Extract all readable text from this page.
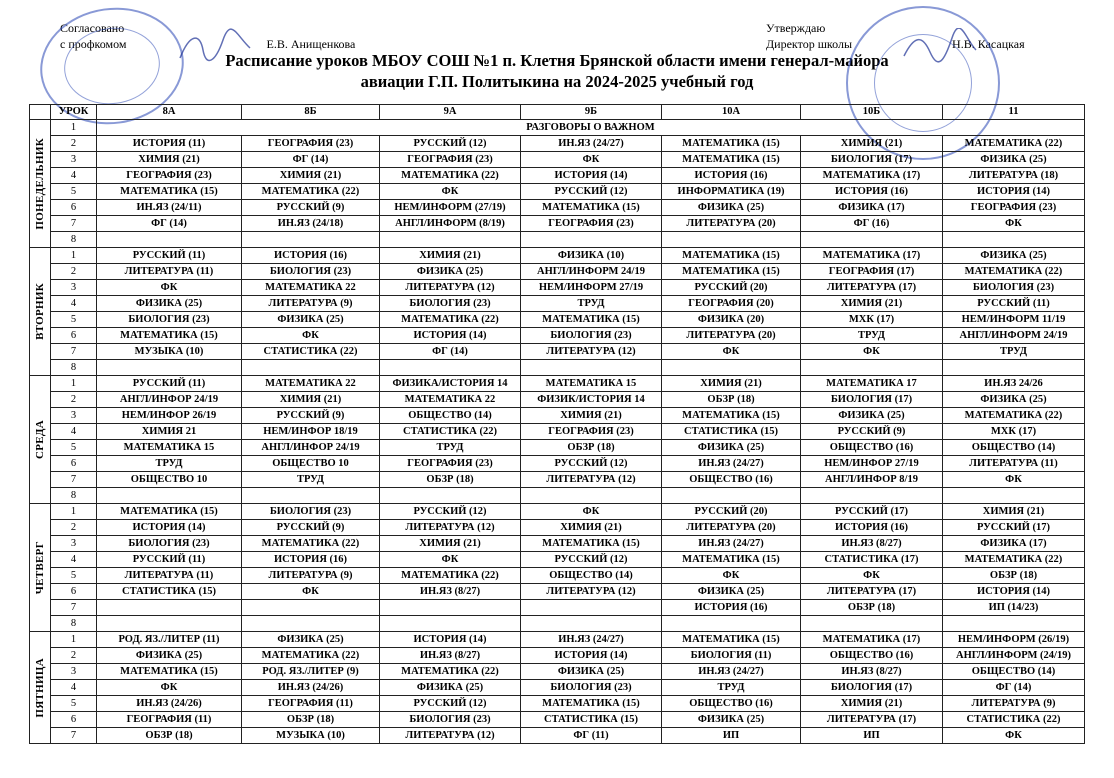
Согласовано
с профкомом	Е.В. Анищенкова
Утверждаю
Директор школы	Н.В. Касацкая
Расписание уроков МБОУ СОШ №1 п. Клетня Брянской области имени генерал-майора
авиации Г.П. Политыкина на 2024-2025 учебный год
	УРОК	8А	8Б	9А	9Б	10А	10Б	11

ПОНЕДЕЛЬНИК	1	РАЗГОВОРЫ О ВАЖНОМ						
	2	ИСТОРИЯ (11)	ГЕОГРАФИЯ (23)	РУССКИЙ (12)	ИН.ЯЗ (24/27)	МАТЕМАТИКА (15)	ХИМИЯ (21)	МАТЕМАТИКА (22)
	3	ХИМИЯ (21)	ФГ (14)	ГЕОГРАФИЯ (23)	ФК	МАТЕМАТИКА (15)	БИОЛОГИЯ (17)	ФИЗИКА (25)
	4	ГЕОГРАФИЯ (23)	ХИМИЯ (21)	МАТЕМАТИКА (22)	ИСТОРИЯ (14)	ИСТОРИЯ (16)	МАТЕМАТИКА (17)	ЛИТЕРАТУРА (18)
	5	МАТЕМАТИКА (15)	МАТЕМАТИКА (22)	ФК	РУССКИЙ (12)	ИНФОРМАТИКА (19)	ИСТОРИЯ (16)	ИСТОРИЯ (14)
	6	ИН.ЯЗ (24/11)	РУССКИЙ (9)	НЕМ/ИНФОРМ (27/19)	МАТЕМАТИКА (15)	ФИЗИКА (25)	ФИЗИКА (17)	ГЕОГРАФИЯ (23)
	7	ФГ (14)	ИН.ЯЗ (24/18)	АНГЛ/ИНФОРМ (8/19)	ГЕОГРАФИЯ (23)	ЛИТЕРАТУРА (20)	ФГ (16)	ФК
	8							

ВТОРНИК	1	РУССКИЙ (11)	ИСТОРИЯ (16)	ХИМИЯ (21)	ФИЗИКА (10)	МАТЕМАТИКА (15)	МАТЕМАТИКА (17)	ФИЗИКА (25)
	2	ЛИТЕРАТУРА (11)	БИОЛОГИЯ (23)	ФИЗИКА (25)	АНГЛ/ИНФОРМ 24/19	МАТЕМАТИКА (15)	ГЕОГРАФИЯ (17)	МАТЕМАТИКА (22)
	3	ФК	МАТЕМАТИКА 22	ЛИТЕРАТУРА (12)	НЕМ/ИНФОРМ 27/19	РУССКИЙ (20)	ЛИТЕРАТУРА (17)	БИОЛОГИЯ (23)
	4	ФИЗИКА (25)	ЛИТЕРАТУРА (9)	БИОЛОГИЯ (23)	ТРУД	ГЕОГРАФИЯ (20)	ХИМИЯ (21)	РУССКИЙ (11)
	5	БИОЛОГИЯ (23)	ФИЗИКА (25)	МАТЕМАТИКА (22)	МАТЕМАТИКА (15)	ФИЗИКА (20)	МХК (17)	НЕМ/ИНФОРМ 11/19
	6	МАТЕМАТИКА (15)	ФК	ИСТОРИЯ (14)	БИОЛОГИЯ (23)	ЛИТЕРАТУРА (20)	ТРУД	АНГЛ/ИНФОРМ 24/19
	7	МУЗЫКА (10)	СТАТИСТИКА (22)	ФГ (14)	ЛИТЕРАТУРА (12)	ФК	ФК	ТРУД
	8							

СРЕДА	1	РУССКИЙ (11)	МАТЕМАТИКА 22	ФИЗИКА/ИСТОРИЯ 14	МАТЕМАТИКА 15	ХИМИЯ (21)	МАТЕМАТИКА 17	ИН.ЯЗ 24/26
	2	АНГЛ/ИНФОР 24/19	ХИМИЯ (21)	МАТЕМАТИКА 22	ФИЗИК/ИСТОРИЯ 14	ОБЗР (18)	БИОЛОГИЯ (17)	ФИЗИКА (25)
	3	НЕМ/ИНФОР 26/19	РУССКИЙ (9)	ОБЩЕСТВО (14)	ХИМИЯ (21)	МАТЕМАТИКА (15)	ФИЗИКА (25)	МАТЕМАТИКА (22)
	4	ХИМИЯ 21	НЕМ/ИНФОР 18/19	СТАТИСТИКА (22)	ГЕОГРАФИЯ (23)	СТАТИСТИКА (15)	РУССКИЙ (9)	МХК (17)
	5	МАТЕМАТИКА 15	АНГЛ/ИНФОР 24/19	ТРУД	ОБЗР (18)	ФИЗИКА (25)	ОБЩЕСТВО (16)	ОБЩЕСТВО (14)
	6	ТРУД	ОБЩЕСТВО 10	ГЕОГРАФИЯ (23)	РУССКИЙ (12)	ИН.ЯЗ (24/27)	НЕМ/ИНФОР 27/19	ЛИТЕРАТУРА (11)
	7	ОБЩЕСТВО 10	ТРУД	ОБЗР (18)	ЛИТЕРАТУРА (12)	ОБЩЕСТВО (16)	АНГЛ/ИНФОР 8/19	ФК
	8							

ЧЕТВЕРГ	1	МАТЕМАТИКА (15)	БИОЛОГИЯ (23)	РУССКИЙ (12)	ФК	РУССКИЙ (20)	РУССКИЙ (17)	ХИМИЯ (21)
	2	ИСТОРИЯ (14)	РУССКИЙ (9)	ЛИТЕРАТУРА (12)	ХИМИЯ (21)	ЛИТЕРАТУРА (20)	ИСТОРИЯ (16)	РУССКИЙ (17)
	3	БИОЛОГИЯ (23)	МАТЕМАТИКА (22)	ХИМИЯ (21)	МАТЕМАТИКА (15)	ИН.ЯЗ (24/27)	ИН.ЯЗ (8/27)	ФИЗИКА (17)
	4	РУССКИЙ (11)	ИСТОРИЯ (16)	ФК	РУССКИЙ (12)	МАТЕМАТИКА (15)	СТАТИСТИКА (17)	МАТЕМАТИКА (22)
	5	ЛИТЕРАТУРА (11)	ЛИТЕРАТУРА (9)	МАТЕМАТИКА (22)	ОБЩЕСТВО (14)	ФК	ФК	ОБЗР (18)
	6	СТАТИСТИКА (15)	ФК	ИН.ЯЗ (8/27)	ЛИТЕРАТУРА (12)	ФИЗИКА (25)	ЛИТЕРАТУРА (17)	ИСТОРИЯ (14)
	7					ИСТОРИЯ (16)	ОБЗР (18)	ИП (14/23)
	8							

ПЯТНИЦА	1	РОД. ЯЗ./ЛИТЕР (11)	ФИЗИКА (25)	ИСТОРИЯ (14)	ИН.ЯЗ (24/27)	МАТЕМАТИКА (15)	МАТЕМАТИКА (17)	НЕМ/ИНФОРМ (26/19)
	2	ФИЗИКА (25)	МАТЕМАТИКА (22)	ИН.ЯЗ (8/27)	ИСТОРИЯ (14)	БИОЛОГИЯ (11)	ОБЩЕСТВО (16)	АНГЛ/ИНФОРМ (24/19)
	3	МАТЕМАТИКА (15)	РОД. ЯЗ./ЛИТЕР (9)	МАТЕМАТИКА (22)	ФИЗИКА (25)	ИН.ЯЗ (24/27)	ИН.ЯЗ (8/27)	ОБЩЕСТВО (14)
	4	ФК	ИН.ЯЗ (24/26)	ФИЗИКА (25)	БИОЛОГИЯ (23)	ТРУД	БИОЛОГИЯ (17)	ФГ (14)
	5	ИН.ЯЗ (24/26)	ГЕОГРАФИЯ (11)	РУССКИЙ (12)	МАТЕМАТИКА (15)	ОБЩЕСТВО (16)	ХИМИЯ (21)	ЛИТЕРАТУРА (9)
	6	ГЕОГРАФИЯ (11)	ОБЗР (18)	БИОЛОГИЯ (23)	СТАТИСТИКА (15)	ФИЗИКА (25)	ЛИТЕРАТУРА (17)	СТАТИСТИКА (22)
	7	ОБЗР (18)	МУЗЫКА (10)	ЛИТЕРАТУРА (12)	ФГ (11)	ИП	ИП	ФК
